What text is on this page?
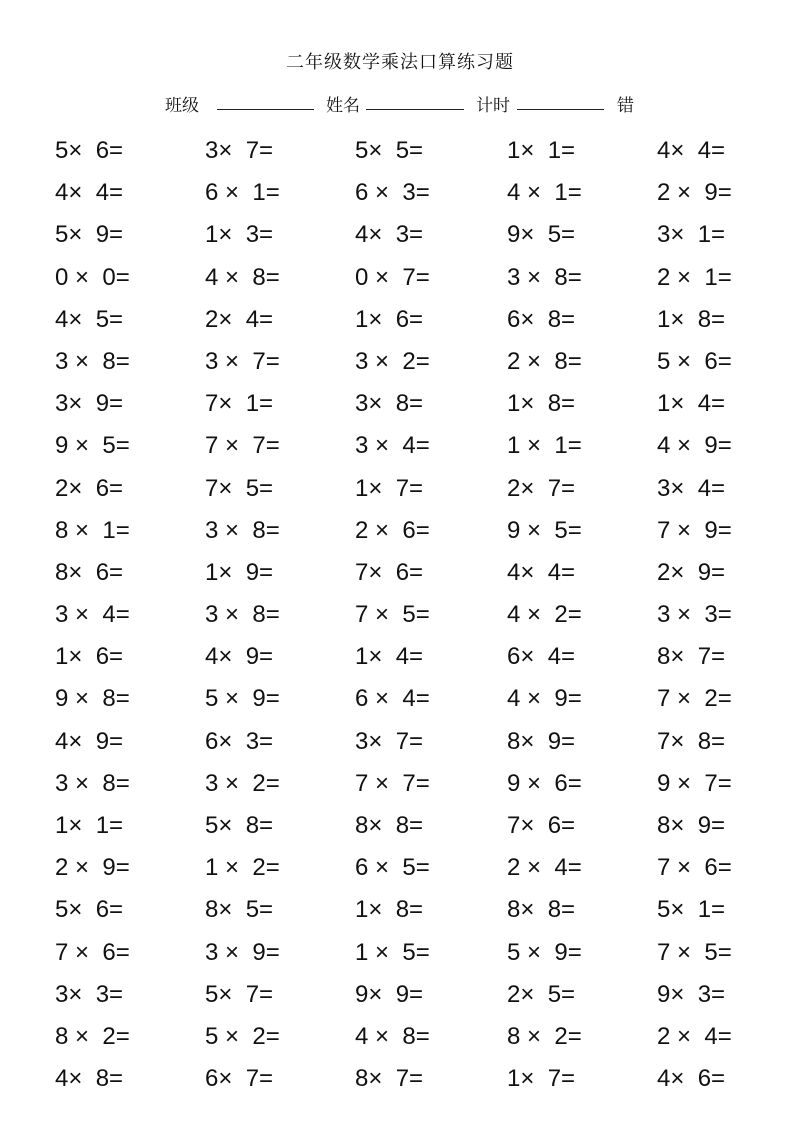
二年级数学乘法口算练习题
班级	姓名	计时	错
5×  6=	3×  7=	5×  5=	1×  1=	4×  4=
4×  4=	6 ×  1=	6 ×  3=	4 ×  1=	2 ×  9=
5×  9=	1×  3=	4×  3=	9×  5=	3×  1=
0 ×  0=	4 ×  8=	0 ×  7=	3 ×  8=	2 ×  1=
4×  5=	2×  4=	1×  6=	6×  8=	1×  8=
3 ×  8=	3 ×  7=	3 ×  2=	2 ×  8=	5 ×  6=
3×  9=	7×  1=	3×  8=	1×  8=	1×  4=
9 ×  5=	7 ×  7=	3 ×  4=	1 ×  1=	4 ×  9=
2×  6=	7×  5=	1×  7=	2×  7=	3×  4=
8 ×  1=	3 ×  8=	2 ×  6=	9 ×  5=	7 ×  9=
8×  6=	1×  9=	7×  6=	4×  4=	2×  9=
3 ×  4=	3 ×  8=	7 ×  5=	4 ×  2=	3 ×  3=
1×  6=	4×  9=	1×  4=	6×  4=	8×  7=
9 ×  8=	5 ×  9=	6 ×  4=	4 ×  9=	7 ×  2=
4×  9=	6×  3=	3×  7=	8×  9=	7×  8=
3 ×  8=	3 ×  2=	7 ×  7=	9 ×  6=	9 ×  7=
1×  1=	5×  8=	8×  8=	7×  6=	8×  9=
2 ×  9=	1 ×  2=	6 ×  5=	2 ×  4=	7 ×  6=
5×  6=	8×  5=	1×  8=	8×  8=	5×  1=
7 ×  6=	3 ×  9=	1 ×  5=	5 ×  9=	7 ×  5=
3×  3=	5×  7=	9×  9=	2×  5=	9×  3=
8 ×  2=	5 ×  2=	4 ×  8=	8 ×  2=	2 ×  4=
4×  8=	6×  7=	8×  7=	1×  7=	4×  6=
